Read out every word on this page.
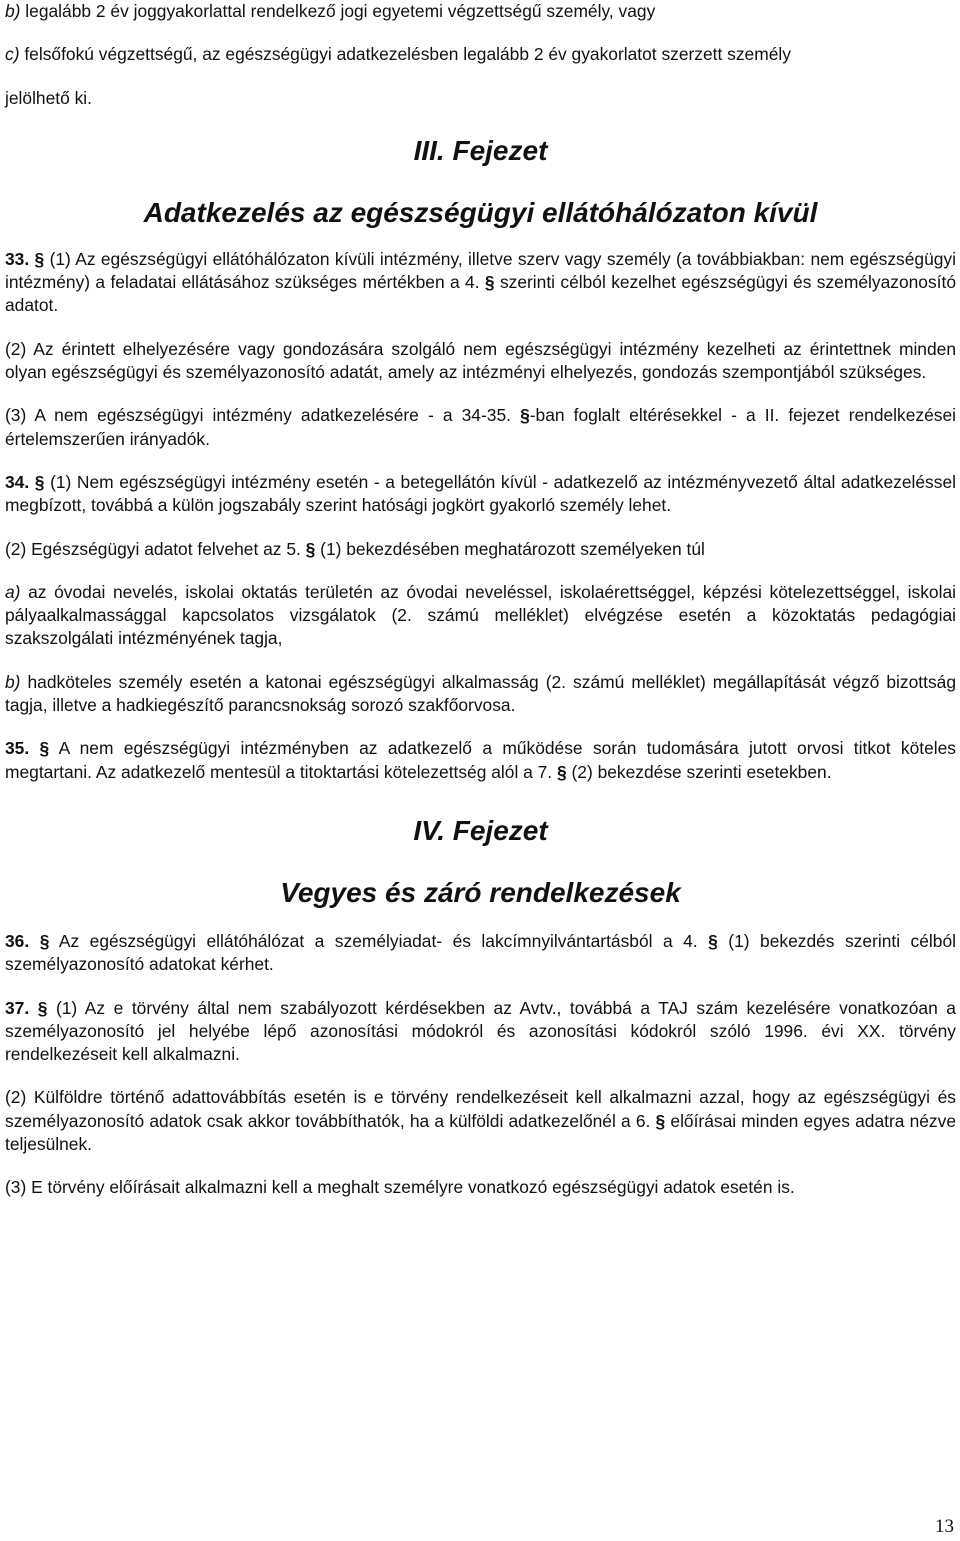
b) legalább 2 év joggyakorlattal rendelkező jogi egyetemi végzettségű személy, vagy

c) felsőfokú végzettségű, az egészségügyi adatkezelésben legalább 2 év gyakorlatot szerzett személy

jelölhető ki.

III. Fejezet

Adatkezelés az egészségügyi ellátóhálózaton kívül

33. § (1) Az egészségügyi ellátóhálózaton kívüli intézmény, illetve szerv vagy személy (a továbbiakban: nem egészségügyi intézmény) a feladatai ellátásához szükséges mértékben a 4. § szerinti célból kezelhet egészségügyi és személyazonosító adatot.

(2) Az érintett elhelyezésére vagy gondozására szolgáló nem egészségügyi intézmény kezelheti az érintettnek minden olyan egészségügyi és személyazonosító adatát, amely az intézményi elhelyezés, gondozás szempontjából szükséges.

(3) A nem egészségügyi intézmény adatkezelésére - a 34-35. §-ban foglalt eltérésekkel - a II. fejezet rendelkezései értelemszerűen irányadók.

34. § (1) Nem egészségügyi intézmény esetén - a betegellátón kívül - adatkezelő az intézményvezető által adatkezeléssel megbízott, továbbá a külön jogszabály szerint hatósági jogkört gyakorló személy lehet.

(2) Egészségügyi adatot felvehet az 5. § (1) bekezdésében meghatározott személyeken túl

a) az óvodai nevelés, iskolai oktatás területén az óvodai neveléssel, iskolaérettséggel, képzési kötelezettséggel, iskolai pályaalkalmassággal kapcsolatos vizsgálatok (2. számú melléklet) elvégzése esetén a közoktatás pedagógiai szakszolgálati intézményének tagja,

b) hadköteles személy esetén a katonai egészségügyi alkalmasság (2. számú melléklet) megállapítását végző bizottság tagja, illetve a hadkiegészítő parancsnokság sorozó szakfőorvosa.

35. § A nem egészségügyi intézményben az adatkezelő a működése során tudomására jutott orvosi titkot köteles megtartani. Az adatkezelő mentesül a titoktartási kötelezettség alól a 7. § (2) bekezdése szerinti esetekben.

IV. Fejezet

Vegyes és záró rendelkezések

36. § Az egészségügyi ellátóhálózat a személyiadat- és lakcímnyilvántartásból a 4. § (1) bekezdés szerinti célból személyazonosító adatokat kérhet.

37. § (1) Az e törvény által nem szabályozott kérdésekben az Avtv., továbbá a TAJ szám kezelésére vonatkozóan a személyazonosító jel helyébe lépő azonosítási módokról és azonosítási kódokról szóló 1996. évi XX. törvény rendelkezéseit kell alkalmazni.

(2) Külföldre történő adattovábbítás esetén is e törvény rendelkezéseit kell alkalmazni azzal, hogy az egészségügyi és személyazonosító adatok csak akkor továbbíthatók, ha a külföldi adatkezelőnél a 6. § előírásai minden egyes adatra nézve teljesülnek.

(3) E törvény előírásait alkalmazni kell a meghalt személyre vonatkozó egészségügyi adatok esetén is.

13
